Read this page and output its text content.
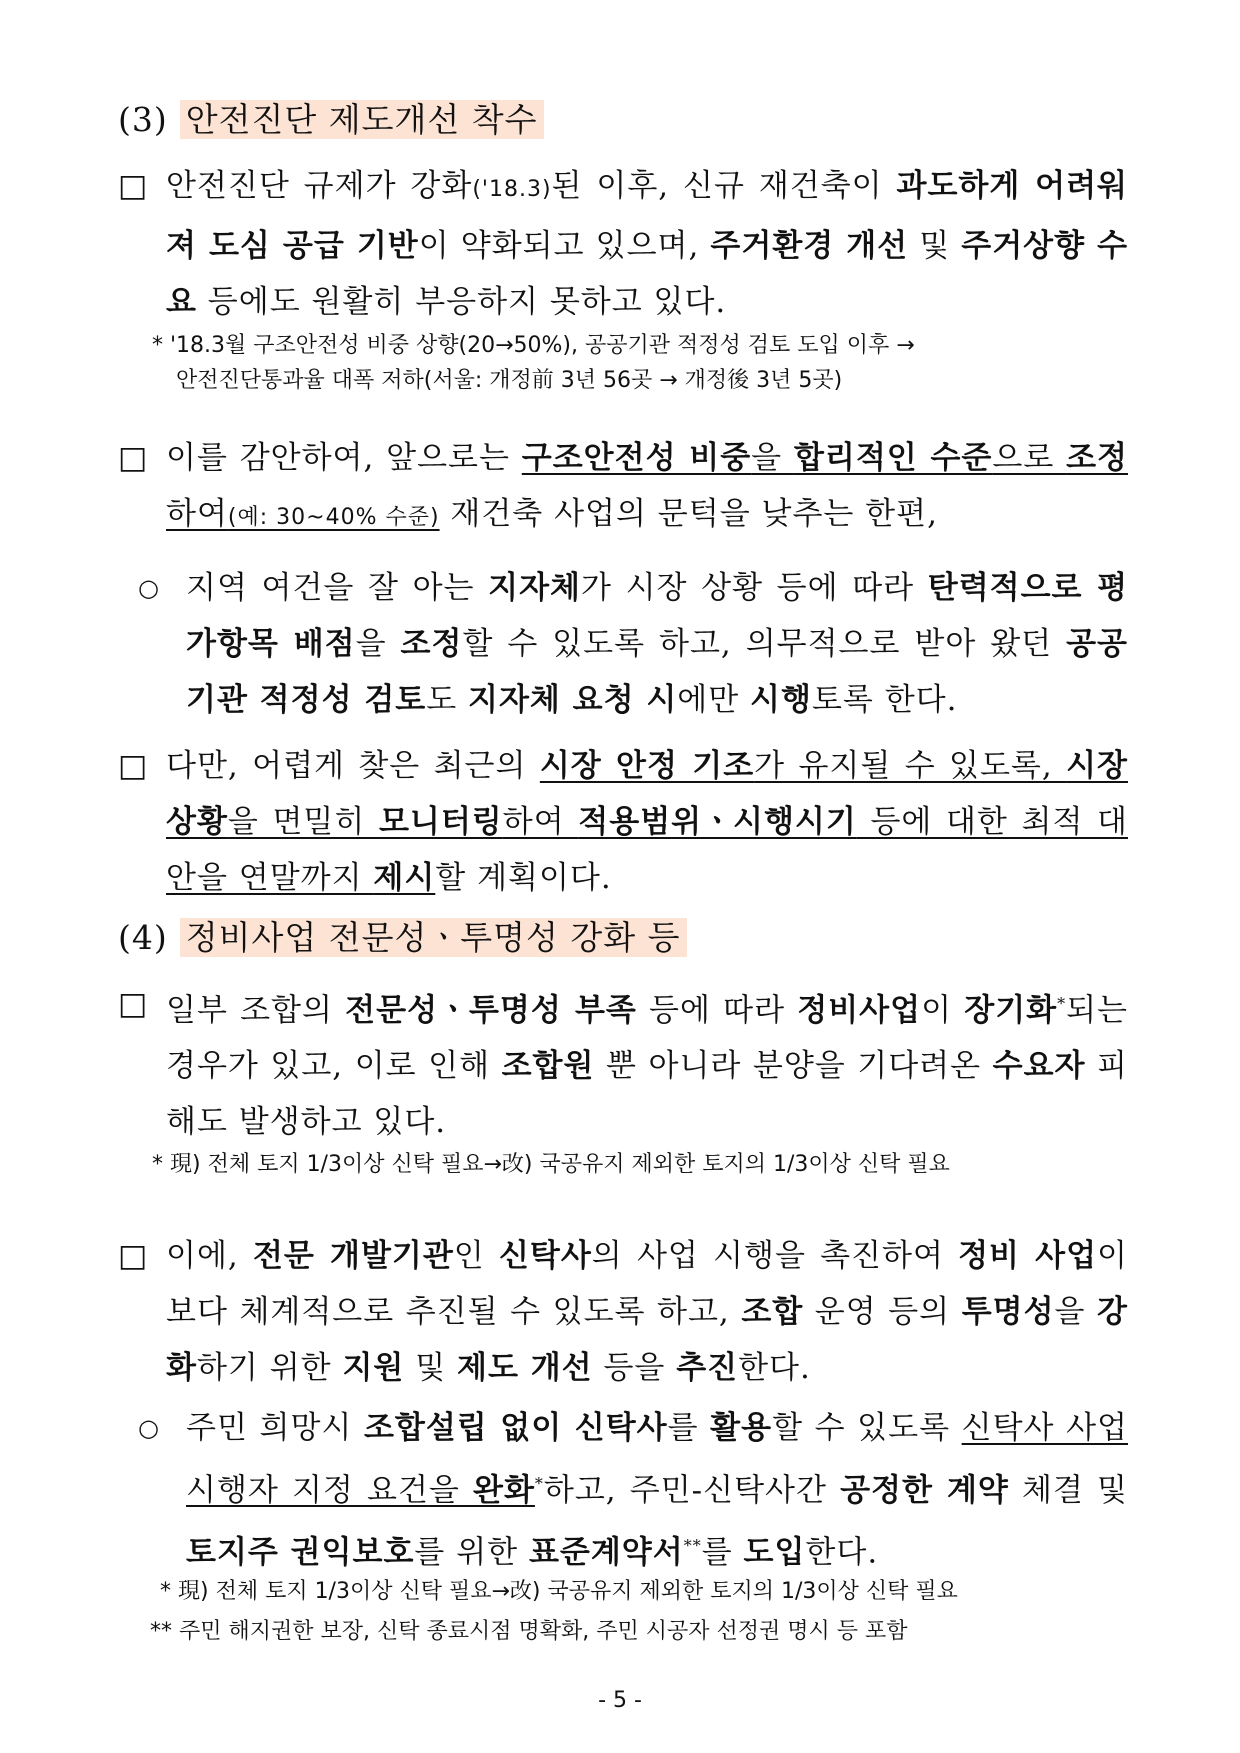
(3) 안전진단 제도개선 착수
□ 안전진단 규제가 강화('18.3)된 이후, 신규 재건축이 과도하게 어려워져 도심 공급 기반이 약화되고 있으며, 주거환경 개선 및 주거상향 수요 등에도 원활히 부응하지 못하고 있다.
* '18.3월 구조안전성 비중 상향(20→50%), 공공기관 적정성 검토 도입 이후 →
안전진단통과율 대폭 저하(서울: 개정前 3년 56곳 → 개정後 3년 5곳)
□ 이를 감안하여, 앞으로는 구조안전성 비중을 합리적인 수준으로 조정하여(예: 30~40% 수준) 재건축 사업의 문턱을 낮추는 한편,
○ 지역 여건을 잘 아는 지자체가 시장 상황 등에 따라 탄력적으로 평가항목 배점을 조정할 수 있도록 하고, 의무적으로 받아 왔던 공공기관 적정성 검토도 지자체 요청 시에만 시행토록 한다.
□ 다만, 어렵게 찾은 최근의 시장 안정 기조가 유지될 수 있도록, 시장 상황을 면밀히 모니터링하여 적용범위ㆍ시행시기 등에 대한 최적 대안을 연말까지 제시할 계획이다.
(4) 정비사업 전문성ㆍ투명성 강화 등
□ 일부 조합의 전문성ㆍ투명성 부족 등에 따라 정비사업이 장기화*되는 경우가 있고, 이로 인해 조합원 뿐 아니라 분양을 기다려온 수요자 피해도 발생하고 있다.
* 現) 전체 토지 1/3이상 신탁 필요→改) 국공유지 제외한 토지의 1/3이상 신탁 필요
□ 이에, 전문 개발기관인 신탁사의 사업 시행을 촉진하여 정비 사업이 보다 체계적으로 추진될 수 있도록 하고, 조합 운영 등의 투명성을 강화하기 위한 지원 및 제도 개선 등을 추진한다.
○ 주민 희망시 조합설립 없이 신탁사를 활용할 수 있도록 신탁사 사업시행자 지정 요건을 완화*하고, 주민-신탁사간 공정한 계약 체결 및 토지주 권익보호를 위한 표준계약서**를 도입한다.
* 現) 전체 토지 1/3이상 신탁 필요→改) 국공유지 제외한 토지의 1/3이상 신탁 필요
** 주민 해지권한 보장, 신탁 종료시점 명확화, 주민 시공자 선정권 명시 등 포함
- 5 -
